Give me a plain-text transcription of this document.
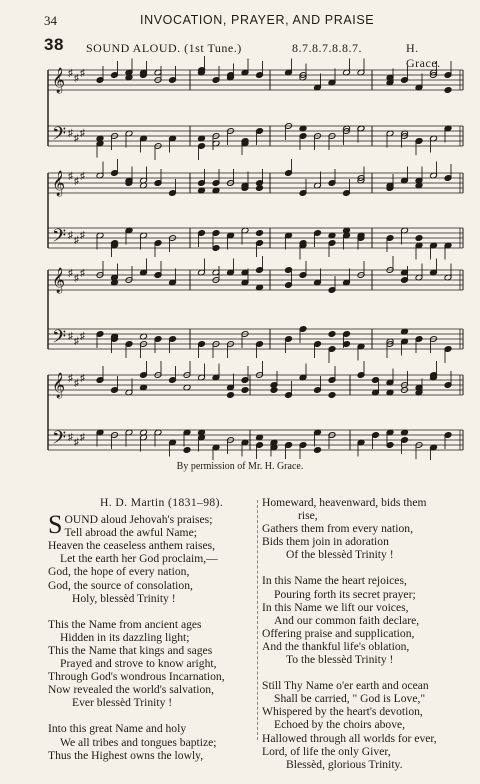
34	INVOCATION, PRAYER, AND PRAISE
38 SOUND ALOUD. (1st Tune.)	8.7.8.7.8.8.7.	H. Grace.
𝄞 ♯ ♯ ♯
𝄢 ♯ ♯ ♯
𝄞 ♯ ♯ ♯
𝄢 ♯ ♯ ♯
𝄞 ♯ ♯ ♯
𝄢 ♯ ♯ ♯
𝄞 ♯ ♯ ♯
𝄢 ♯ ♯ ♯
By permission of Mr. H. Grace.
H. D. Martin (1831–98).
S OUND aloud Jehovah's praises;
Tell abroad the awful Name;
Heaven the ceaseless anthem raises,
Let the earth her God proclaim,—
God, the hope of every nation,
God, the source of consolation,
Holy, blessèd Trinity !
This the Name from ancient ages
Hidden in its dazzling light;
This the Name that kings and sages
Prayed and strove to know aright,
Through God's wondrous Incarnation,
Now revealed the world's salvation,
Ever blessèd Trinity !
Into this great Name and holy
We all tribes and tongues baptize;
Thus the Highest owns the lowly,
Homeward, heavenward, bids them
rise,
Gathers them from every nation,
Bids them join in adoration
Of the blessèd Trinity !
In this Name the heart rejoices,
Pouring forth its secret prayer;
In this Name we lift our voices,
And our common faith declare,
Offering praise and supplication,
And the thankful life's oblation,
To the blessèd Trinity !
Still Thy Name o'er earth and ocean
Shall be carried, " God is Love,"
Whispered by the heart's devotion,
Echoed by the choirs above,
Hallowed through all worlds for ever,
Lord, of life the only Giver,
Blessèd, glorious Trinity.
